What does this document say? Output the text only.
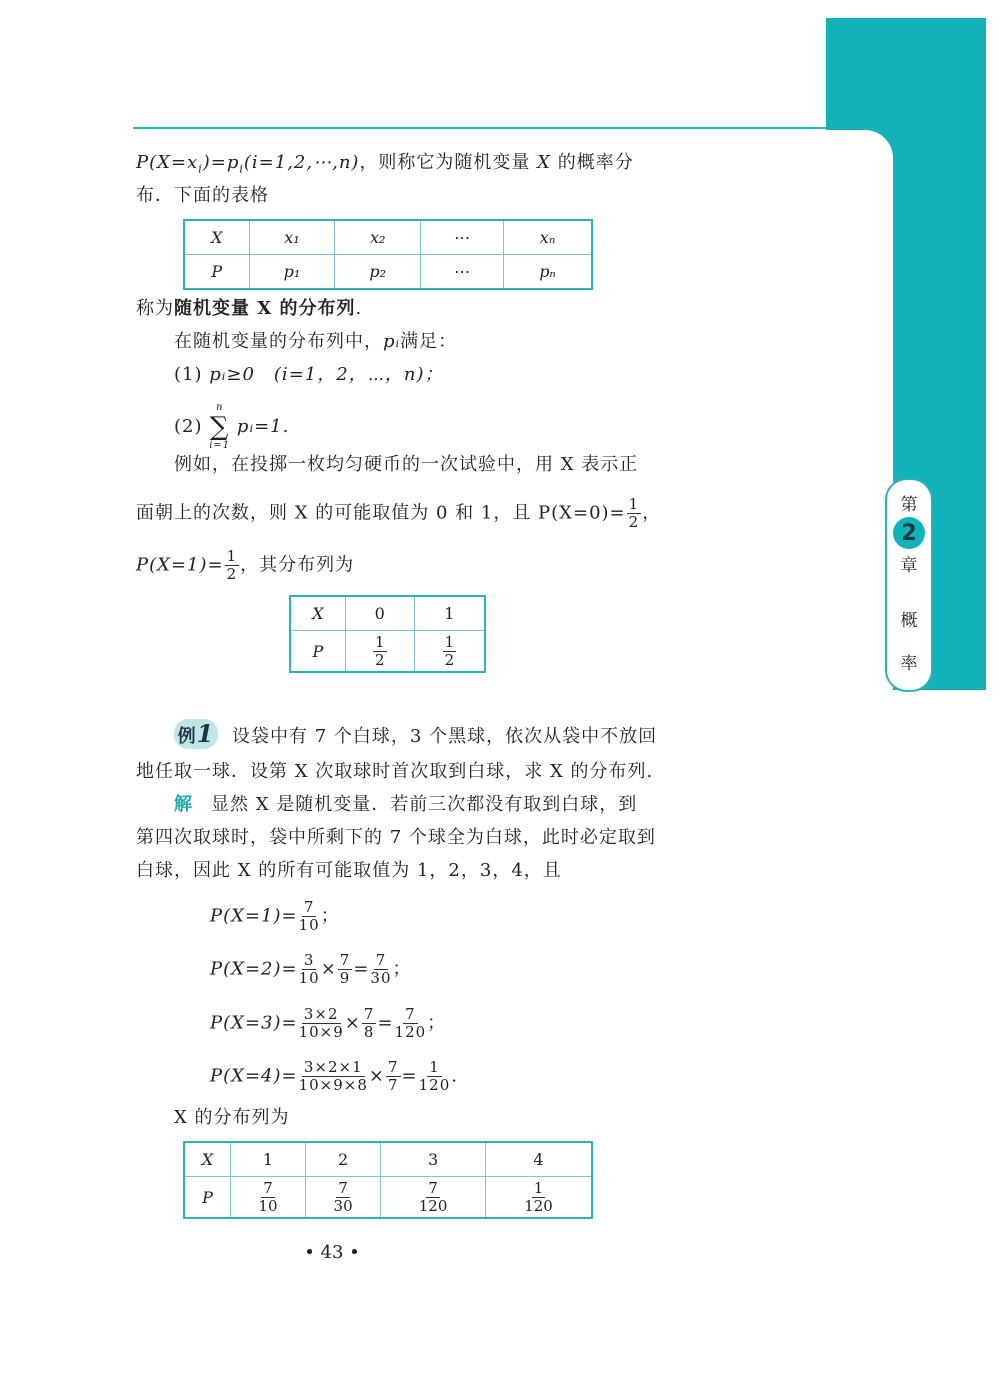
第
2
章
概
率
$P(X=x_i)=p_i(i=1,2,\cdots,n)$，则称它为随机变量 X 的概率分
布．下面的表格
X	x₁	x₂	⋯	xₙ
P	p₁	p₂	⋯	pₙ
称为随机变量 X 的分布列.
在随机变量的分布列中，pᵢ满足：
(1) pᵢ≥0　(i=1，2，⋯，n)；
(2)
n
∑
i=1
pᵢ=1.
例如，在投掷一枚均匀硬币的一次试验中，用 X 表示正
面朝上的次数，则 X 的可能取值为 0 和 1，且 $P(X=0)= \frac{1}{2}$ ，
$P(X=1)= \frac{1}{2}$ ，其分布列为
X	0	1
P	$\frac{1}{2}$	$\frac{1}{2}$
例1 设袋中有 7 个白球，3 个黑球，依次从袋中不放回
地任取一球．设第 X 次取球时首次取到白球，求 X 的分布列.
解 显然 X 是随机变量．若前三次都没有取到白球，到
第四次取球时，袋中所剩下的 7 个球全为白球，此时必定取到
白球，因此 X 的所有可能取值为 1，2，3，4，且
$P(X=1)= \frac{7}{10}$ ；
$P(X=2)= \frac{3}{10} \times \frac{7}{9} = \frac{7}{30}$ ；
$P(X=3)= \frac{3\times 2}{10\times 9} \times \frac{7}{8} = \frac{7}{120}$ ；
$P(X=4)= \frac{3\times 2\times 1}{10\times 9\times 8} \times \frac{7}{7} = \frac{1}{120}$ .
X 的分布列为
X	1	2	3	4
P	$\frac{7}{10}$	$\frac{7}{30}$	$\frac{7}{120}$	$\frac{1}{120}$
• 43 •
